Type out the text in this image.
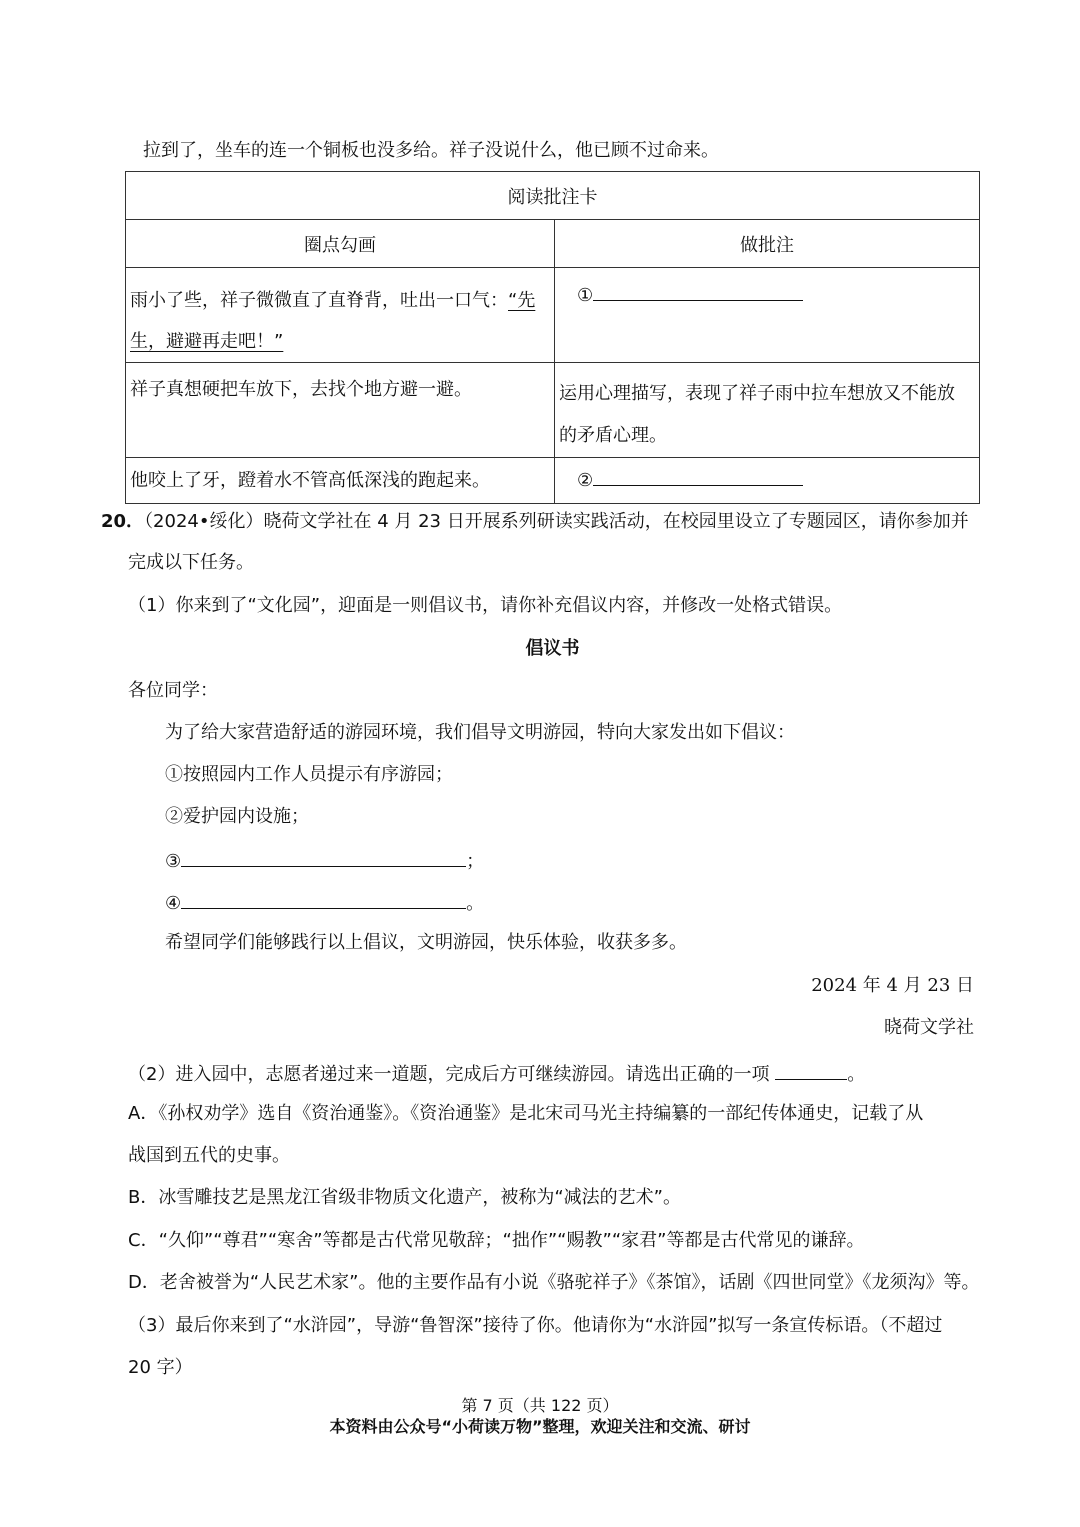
拉到了，坐车的连一个铜板也没多给。祥子没说什么，他已顾不过命来。
阅读批注卡	
圈点勾画	做批注
雨小了些，祥子微微直了直脊背，吐出一口气：“先
生，避避再走吧！”	①
祥子真想硬把车放下，去找个地方避一避。	运用心理描写，表现了祥子雨中拉车想放又不能放
的矛盾心理。
他咬上了牙，蹬着水不管高低深浅的跑起来。	②
20．（2024•绥化）晓荷文学社在 4 月 23 日开展系列研读实践活动，在校园里设立了专题园区，请你参加并
完成以下任务。
（1）你来到了“文化园”，迎面是一则倡议书，请你补充倡议内容，并修改一处格式错误。
倡议书
各位同学：
为了给大家营造舒适的游园环境，我们倡导文明游园，特向大家发出如下倡议：
①按照园内工作人员提示有序游园；
②爱护园内设施；
③	；
④	。
希望同学们能够践行以上倡议，文明游园，快乐体验，收获多多。
2024 年 4 月 23 日
晓荷文学社
（2）进入园中，志愿者递过来一道题，完成后方可继续游园。请选出正确的一项	。
A．《孙权劝学》选自《资治通鉴》。《资治通鉴》是北宋司马光主持编纂的一部纪传体通史，记载了从
战国到五代的史事。
B．冰雪雕技艺是黑龙江省级非物质文化遗产，被称为“减法的艺术”。
C．“久仰”“尊君”“寒舍”等都是古代常见敬辞；“拙作”“赐教”“家君”等都是古代常见的谦辞。
D．老舍被誉为“人民艺术家”。他的主要作品有小说《骆驼祥子》《茶馆》，话剧《四世同堂》《龙须沟》等。
（3）最后你来到了“水浒园”，导游“鲁智深”接待了你。他请你为“水浒园”拟写一条宣传标语。（不超过
20 字）
第 7 页（共 122 页）
本资料由公众号“小荷读万物”整理，欢迎关注和交流、研讨
